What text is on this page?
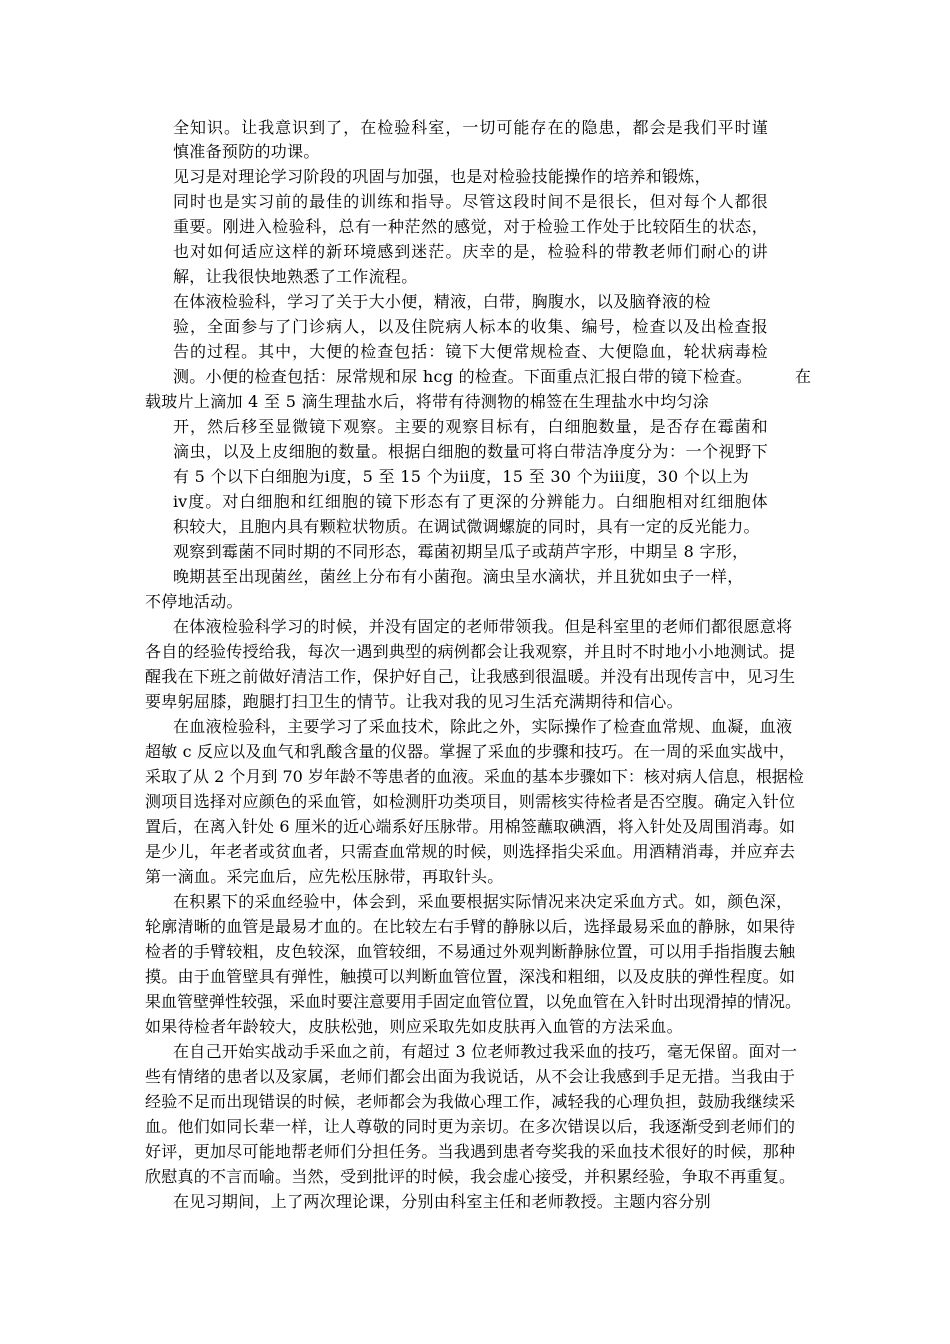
全知识。让我意识到了，在检验科室，一切可能存在的隐患，都会是我们平时谨
慎准备预防的功课。
见习是对理论学习阶段的巩固与加强，也是对检验技能操作的培养和锻炼，
同时也是实习前的最佳的训练和指导。尽管这段时间不是很长，但对每个人都很
重要。刚进入检验科，总有一种茫然的感觉，对于检验工作处于比较陌生的状态，
也对如何适应这样的新环境感到迷茫。庆幸的是，检验科的带教老师们耐心的讲
解，让我很快地熟悉了工作流程。
在体液检验科，学习了关于大小便，精液，白带，胸腹水，以及脑脊液的检
验，全面参与了门诊病人，以及住院病人标本的收集、编号，检查以及出检查报
告的过程。其中，大便的检查包括：镜下大便常规检查、大便隐血，轮状病毒检
测。小便的检查包括：尿常规和尿 hcg 的检查。下面重点汇报白带的镜下检查。	在
载玻片上滴加 4 至 5 滴生理盐水后，将带有待测物的棉签在生理盐水中均匀涂
开，然后移至显微镜下观察。主要的观察目标有，白细胞数量，是否存在霉菌和
滴虫，以及上皮细胞的数量。根据白细胞的数量可将白带洁净度分为：一个视野下
有 5 个以下白细胞为ⅰ度，5 至 15 个为ⅱ度，15 至 30 个为ⅲ度，30 个以上为
ⅳ度。对白细胞和红细胞的镜下形态有了更深的分辨能力。白细胞相对红细胞体
积较大，且胞内具有颗粒状物质。在调试微调螺旋的同时，具有一定的反光能力。
观察到霉菌不同时期的不同形态，霉菌初期呈瓜子或葫芦字形，中期呈 8 字形，
晚期甚至出现菌丝，菌丝上分布有小菌孢。滴虫呈水滴状，并且犹如虫子一样，
不停地活动。
在体液检验科学习的时候，并没有固定的老师带领我。但是科室里的老师们都很愿意将
各自的经验传授给我，每次一遇到典型的病例都会让我观察，并且时不时地小小地测试。提
醒我在下班之前做好清洁工作，保护好自己，让我感到很温暖。并没有出现传言中，见习生
要卑躬屈膝，跑腿打扫卫生的情节。让我对我的见习生活充满期待和信心。
在血液检验科，主要学习了采血技术，除此之外，实际操作了检查血常规、血凝，血液
超敏 c 反应以及血气和乳酸含量的仪器。掌握了采血的步骤和技巧。在一周的采血实战中，
采取了从 2 个月到 70 岁年龄不等患者的血液。采血的基本步骤如下：核对病人信息，根据检
测项目选择对应颜色的采血管，如检测肝功类项目，则需核实待检者是否空腹。确定入针位
置后，在离入针处 6 厘米的近心端系好压脉带。用棉签蘸取碘酒，将入针处及周围消毒。如
是少儿，年老者或贫血者，只需查血常规的时候，则选择指尖采血。用酒精消毒，并应弃去
第一滴血。采完血后，应先松压脉带，再取针头。
在积累下的采血经验中，体会到，采血要根据实际情况来决定采血方式。如，颜色深，
轮廓清晰的血管是最易才血的。在比较左右手臂的静脉以后，选择最易采血的静脉，如果待
检者的手臂较粗，皮色较深，血管较细，不易通过外观判断静脉位置，可以用手指指腹去触
摸。由于血管壁具有弹性，触摸可以判断血管位置，深浅和粗细，以及皮肤的弹性程度。如
果血管壁弹性较强，采血时要注意要用手固定血管位置，以免血管在入针时出现滑掉的情况。
如果待检者年龄较大，皮肤松弛，则应采取先如皮肤再入血管的方法采血。
在自己开始实战动手采血之前，有超过 3 位老师教过我采血的技巧，毫无保留。面对一
些有情绪的患者以及家属，老师们都会出面为我说话，从不会让我感到手足无措。当我由于
经验不足而出现错误的时候，老师都会为我做心理工作，减轻我的心理负担，鼓励我继续采
血。他们如同长辈一样，让人尊敬的同时更为亲切。在多次错误以后，我逐渐受到老师们的
好评，更加尽可能地帮老师们分担任务。当我遇到患者夸奖我的采血技术很好的时候，那种
欣慰真的不言而喻。当然，受到批评的时候，我会虚心接受，并积累经验，争取不再重复。
在见习期间，上了两次理论课，分别由科室主任和老师教授。主题内容分别
